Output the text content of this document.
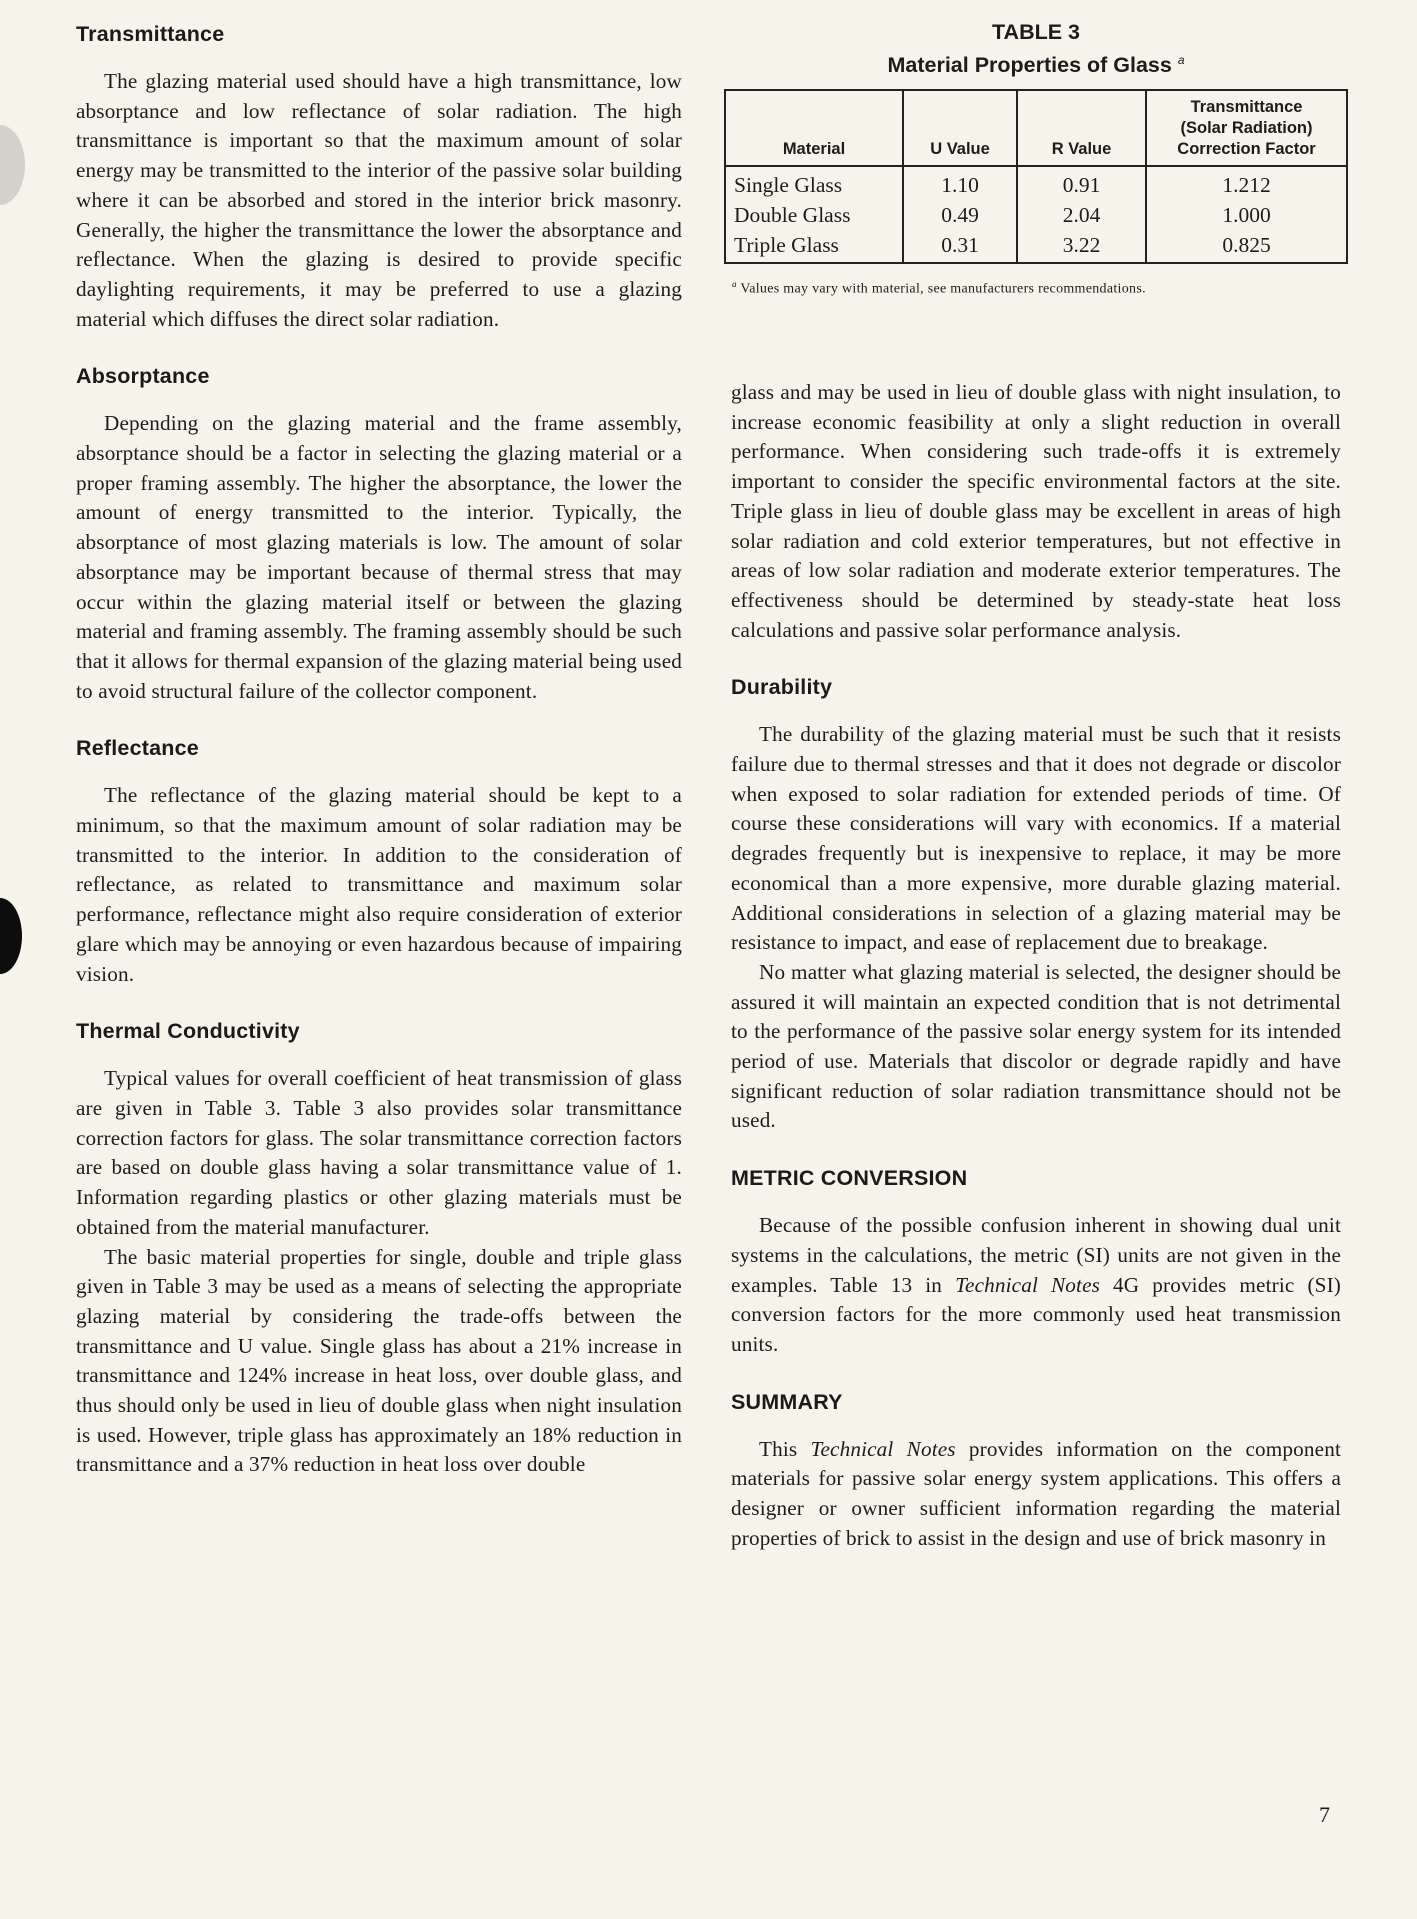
Transmittance

The glazing material used should have a high transmittance, low absorptance and low reflectance of solar radiation. The high transmittance is important so that the maximum amount of solar energy may be transmitted to the interior of the passive solar building where it can be absorbed and stored in the interior brick masonry. Generally, the higher the transmittance the lower the absorptance and reflectance. When the glazing is desired to provide specific daylighting requirements, it may be preferred to use a glazing material which diffuses the direct solar radiation.

Absorptance

Depending on the glazing material and the frame assembly, absorptance should be a factor in selecting the glazing material or a proper framing assembly. The higher the absorptance, the lower the amount of energy transmitted to the interior. Typically, the absorptance of most glazing materials is low. The amount of solar absorptance may be important because of thermal stress that may occur within the glazing material itself or between the glazing material and framing assembly. The framing assembly should be such that it allows for thermal expansion of the glazing material being used to avoid structural failure of the collector component.

Reflectance

The reflectance of the glazing material should be kept to a minimum, so that the maximum amount of solar radiation may be transmitted to the interior. In addition to the consideration of reflectance, as related to transmittance and maximum solar performance, reflectance might also require consideration of exterior glare which may be annoying or even hazardous because of impairing vision.

Thermal Conductivity

Typical values for overall coefficient of heat transmission of glass are given in Table 3. Table 3 also provides solar transmittance correction factors for glass. The solar transmittance correction factors are based on double glass having a solar transmittance value of 1. Information regarding plastics or other glazing materials must be obtained from the material manufacturer.

The basic material properties for single, double and triple glass given in Table 3 may be used as a means of selecting the appropriate glazing material by considering the trade-offs between the transmittance and U value. Single glass has about a 21% increase in transmittance and 124% increase in heat loss, over double glass, and thus should only be used in lieu of double glass when night insulation is used. However, triple glass has approximately an 18% reduction in transmittance and a 37% reduction in heat loss over double

TABLE 3
Material Properties of Glass $^a$
Material	U Value	R Value	Transmittance
(Solar Radiation)
Correction Factor
Single Glass	1.10	0.91	1.212
Double Glass	0.49	2.04	1.000
Triple Glass	0.31	3.22	0.825
$^a$ Values may vary with material, see manufacturers recommendations.

glass and may be used in lieu of double glass with night insulation, to increase economic feasibility at only a slight reduction in overall performance. When considering such trade-offs it is extremely important to consider the specific environmental factors at the site. Triple glass in lieu of double glass may be excellent in areas of high solar radiation and cold exterior temperatures, but not effective in areas of low solar radiation and moderate exterior temperatures. The effectiveness should be determined by steady-state heat loss calculations and passive solar performance analysis.

Durability

The durability of the glazing material must be such that it resists failure due to thermal stresses and that it does not degrade or discolor when exposed to solar radiation for extended periods of time. Of course these considerations will vary with economics. If a material degrades frequently but is inexpensive to replace, it may be more economical than a more expensive, more durable glazing material. Additional considerations in selection of a glazing material may be resistance to impact, and ease of replacement due to breakage.

No matter what glazing material is selected, the designer should be assured it will maintain an expected condition that is not detrimental to the performance of the passive solar energy system for its intended period of use. Materials that discolor or degrade rapidly and have significant reduction of solar radiation transmittance should not be used.

METRIC CONVERSION

Because of the possible confusion inherent in showing dual unit systems in the calculations, the metric (SI) units are not given in the examples. Table 13 in Technical Notes 4G provides metric (SI) conversion factors for the more commonly used heat transmission units.

SUMMARY

This Technical Notes provides information on the component materials for passive solar energy system applications. This offers a designer or owner sufficient information regarding the material properties of brick to assist in the design and use of brick masonry in

7
